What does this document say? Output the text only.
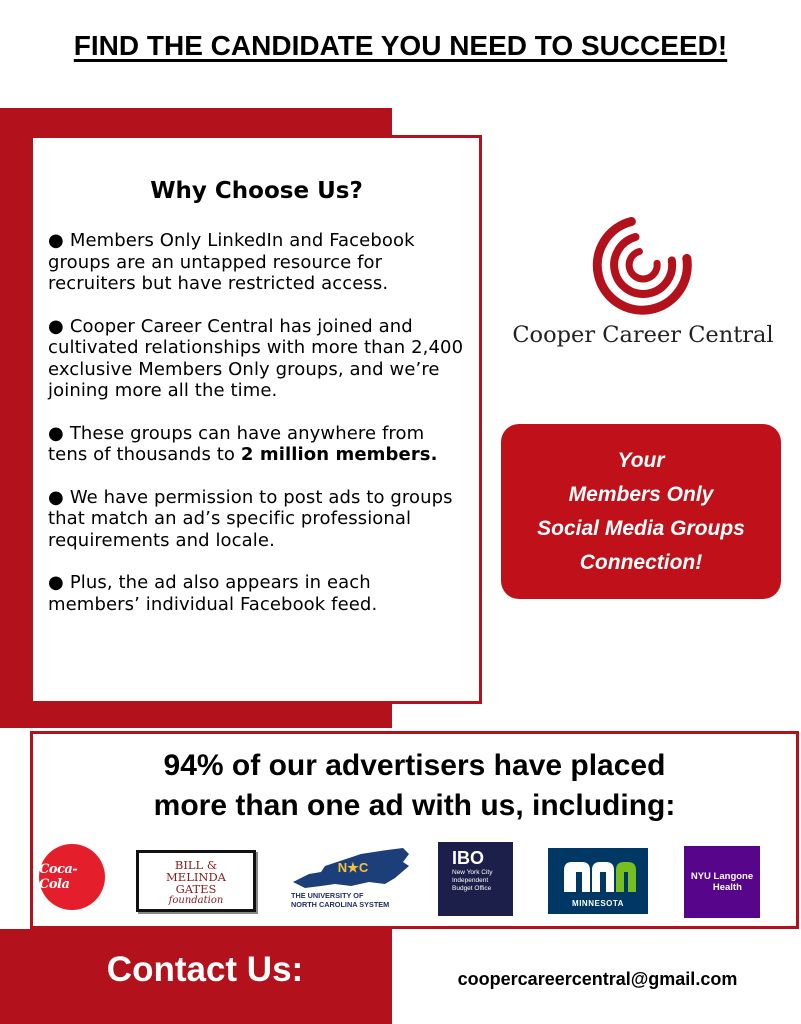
FIND THE CANDIDATE YOU NEED TO SUCCEED!
Why Choose Us?
● Members Only LinkedIn and Facebook groups are an untapped resource for recruiters but have restricted access.
● Cooper Career Central has joined and cultivated relationships with more than 2,400 exclusive Members Only groups, and we’re joining more all the time.
● These groups can have anywhere from tens of thousands to 2 million members.
● We have permission to post ads to groups that match an ad’s specific professional requirements and locale.
● Plus, the ad also appears in each members’ individual Facebook feed.
Cooper Career Central
Your
Members Only
Social Media Groups
Connection!
94% of our advertisers have placed
more than one ad with us, including:
Coca-Cola
BILL &
MELINDA
GATES
foundation
N★C
THE UNIVERSITY OF
NORTH CAROLINA SYSTEM
IBO
New York City
Independent
Budget Office
MINNESOTA
NYU Langone
Health
Contact Us:	coopercareercentral@gmail.com
